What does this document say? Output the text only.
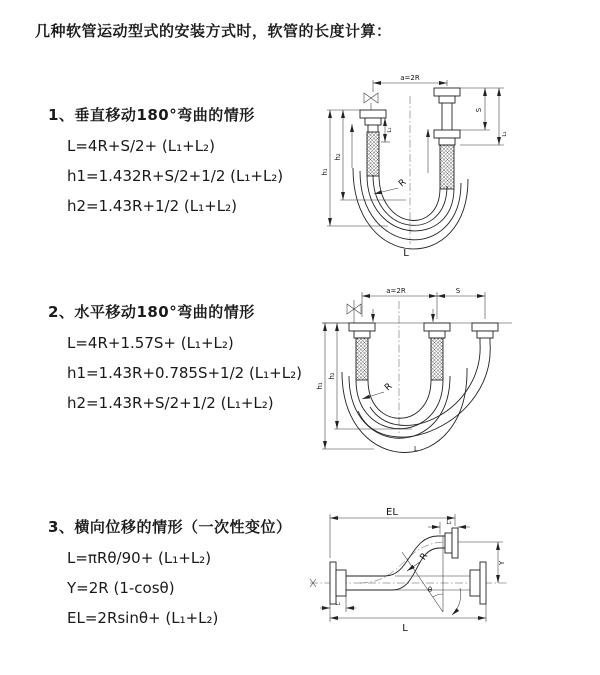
几种软管运动型式的安装方式时，软管的长度计算：
1、垂直移动180°弯曲的情形
L=4R+S/2+ (L₁+L₂)
h1=1.432R+S/2+1/2 (L₁+L₂)
h2=1.43R+1/2 (L₁+L₂)
2、水平移动180°弯曲的情形
L=4R+1.57S+ (L₁+L₂)
h1=1.43R+0.785S+1/2 (L₁+L₂)
h2=1.43R+S/2+1/2 (L₁+L₂)
3、横向位移的情形（一次性变位）
L=πRθ/90+ (L₁+L₂)
Y=2R (1-cosθ)
EL=2Rsinθ+ (L₁+L₂)
a=2R
h₂
h₁
S
L₂
L₁
R
L
a=2R	S
h₂
h₁	R
L
EL
L₂
Y
θ
R
L₁
L
